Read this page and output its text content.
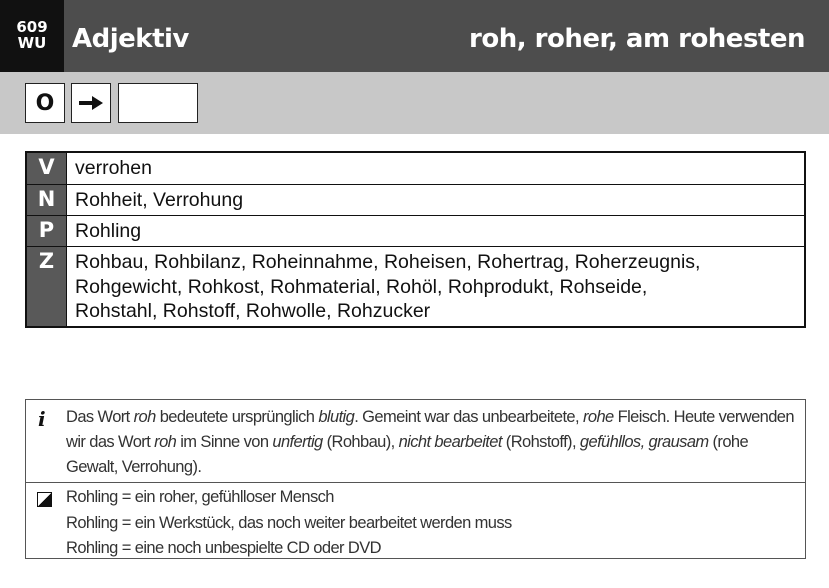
609
WU Adjektiv	roh, roher, am rohesten
O
V	verrohen
N	Rohheit, Verrohung
P	Rohling
Z	Rohbau, Rohbilanz, Roheinnahme, Roheisen, Rohertrag, Roherzeugnis,
Rohgewicht, Rohkost, Rohmaterial, Rohöl, Rohprodukt, Rohseide,
Rohstahl, Rohstoff, Rohwolle, Rohzucker
i Das Wort roh bedeutete ursprünglich blutig. Gemeint war das unbearbeitete, rohe Fleisch. Heute verwenden wir das Wort roh im Sinne von unfertig (Rohbau), nicht bearbeitet (Rohstoff), gefühllos, grausam (rohe Gewalt, Verrohung).
Rohling = ein roher, gefühlloser Mensch
Rohling = ein Werkstück, das noch weiter bearbeitet werden muss
Rohling = eine noch unbespielte CD oder DVD
